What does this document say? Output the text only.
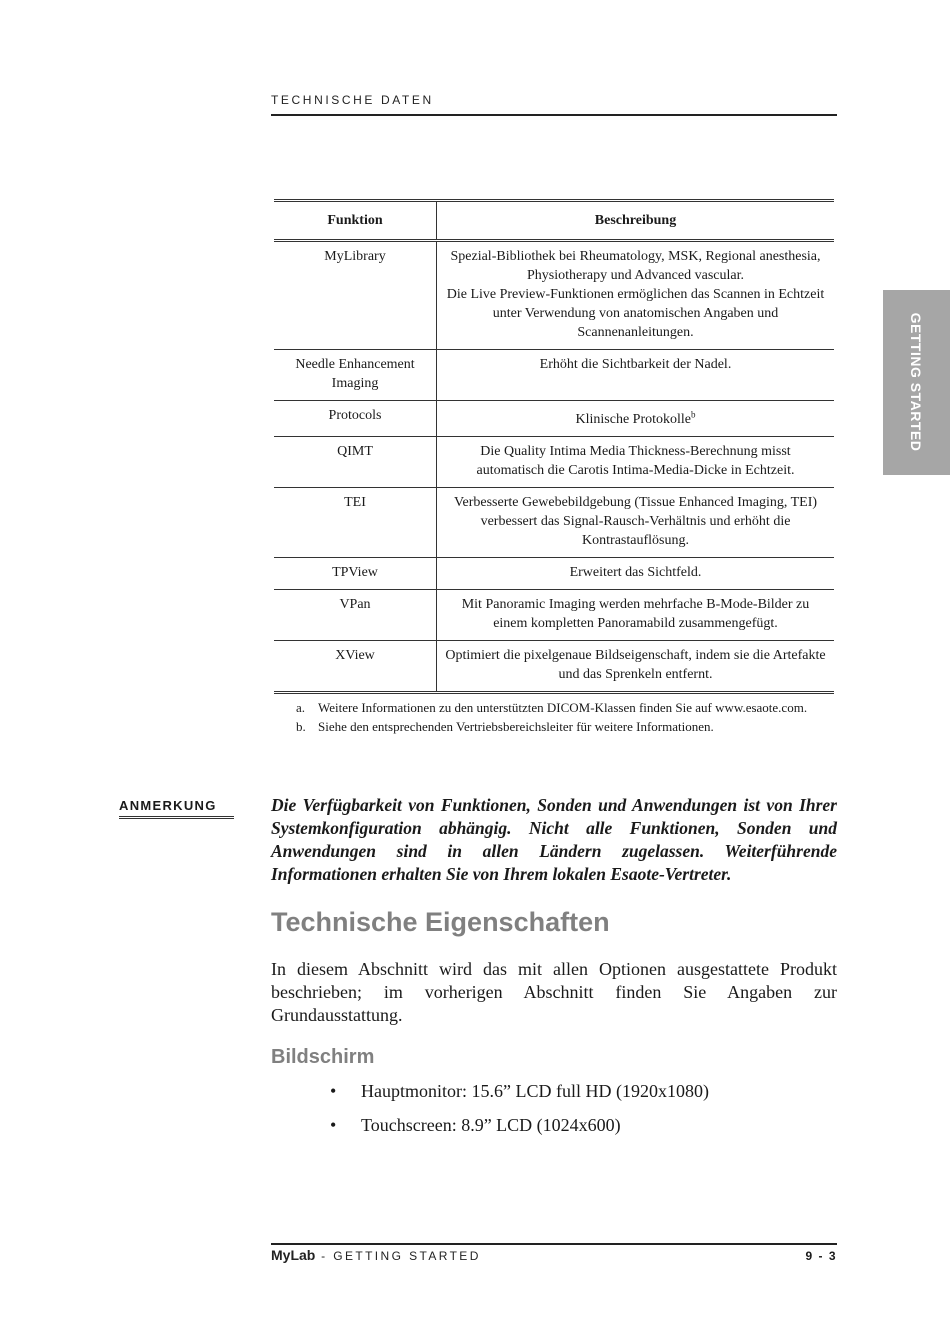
TECHNISCHE DATEN
GETTING STARTED
Funktion	Beschreibung
MyLibrary	Spezial-Bibliothek bei Rheumatology, MSK, Regional anesthesia, Physiotherapy und Advanced vascular.
Die Live Preview-Funktionen ermöglichen das Scannen in Echtzeit unter Verwendung von anatomischen Angaben und Scannenanleitungen.
Needle Enhancement Imaging	Erhöht die Sichtbarkeit der Nadel.
Protocols	Klinische Protokolle$^b$
QIMT	Die Quality Intima Media Thickness-Berechnung misst automatisch die Carotis Intima-Media-Dicke in Echtzeit.
TEI	Verbesserte Gewebebildgebung (Tissue Enhanced Imaging, TEI) verbessert das Signal-Rausch-Verhältnis und erhöht die Kontrastauflösung.
TPView	Erweitert das Sichtfeld.
VPan	Mit Panoramic Imaging werden mehrfache B-Mode-Bilder zu einem kompletten Panoramabild zusammengefügt.
XView	Optimiert die pixelgenaue Bildseigenschaft, indem sie die Artefakte und das Sprenkeln entfernt.
a. Weitere Informationen zu den unterstützten DICOM-Klassen finden Sie auf www.esaote.com.
b. Siehe den entsprechenden Vertriebsbereichsleiter für weitere Informationen.
ANMERKUNG	Die Verfügbarkeit von Funktionen, Sonden und Anwendungen ist von Ihrer Systemkonfiguration abhängig. Nicht alle Funktionen, Sonden und Anwendungen sind in allen Ländern zugelassen. Weiterführende Informationen erhalten Sie von Ihrem lokalen Esaote-Vertreter.
Technische Eigenschaften

In diesem Abschnitt wird das mit allen Optionen ausgestattete Produkt beschrieben; im vorherigen Abschnitt finden Sie Angaben zur Grundausstattung.

Bildschirm
• Hauptmonitor: 15.6” LCD full HD (1920x1080)
• Touchscreen: 8.9” LCD (1024x600)
MyLab - GETTING STARTED	9 - 3
